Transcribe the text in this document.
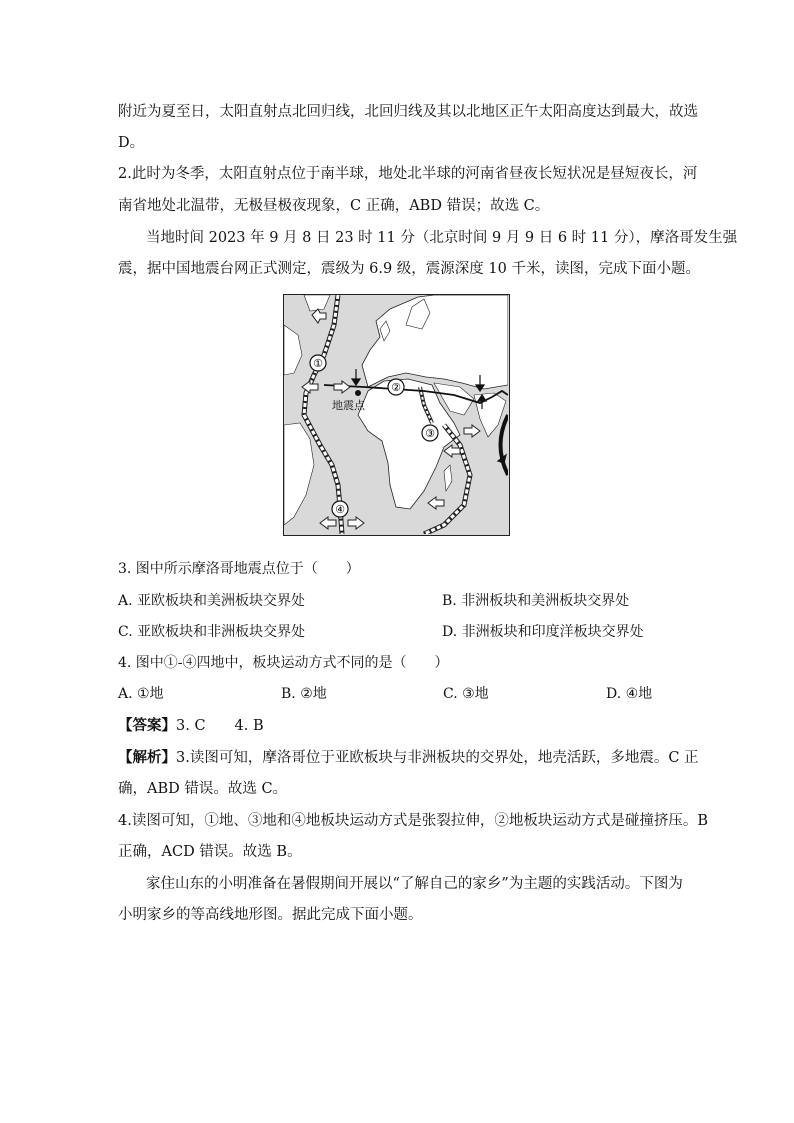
附近为夏至日，太阳直射点北回归线，北回归线及其以北地区正午太阳高度达到最大，故选
D。
2.此时为冬季，太阳直射点位于南半球，地处北半球的河南省昼夜长短状况是昼短夜长，河
南省地处北温带，无极昼极夜现象，C 正确，ABD 错误；故选 C。
当地时间 2023 年 9 月 8 日 23 时 11 分（北京时间 9 月 9 日 6 时 11 分），摩洛哥发生强
震，据中国地震台网正式测定，震级为 6.9 级，震源深度 10 千米，读图，完成下面小题。
①
②
③
④
地震点
3. 图中所示摩洛哥地震点位于（　　）
A. 亚欧板块和美洲板块交界处	B. 非洲板块和美洲板块交界处
C. 亚欧板块和非洲板块交界处	D. 非洲板块和印度洋板块交界处
4. 图中①-④四地中，板块运动方式不同的是（　　）
A. ①地	B. ②地	C. ③地	D. ④地
【答案】3. C　　4. B
【解析】3.读图可知，摩洛哥位于亚欧板块与非洲板块的交界处，地壳活跃，多地震。C 正
确，ABD 错误。故选 C。
4.读图可知，①地、③地和④地板块运动方式是张裂拉伸，②地板块运动方式是碰撞挤压。B
正确，ACD 错误。故选 B。
家住山东的小明准备在暑假期间开展以“了解自己的家乡”为主题的实践活动。下图为
小明家乡的等高线地形图。据此完成下面小题。
